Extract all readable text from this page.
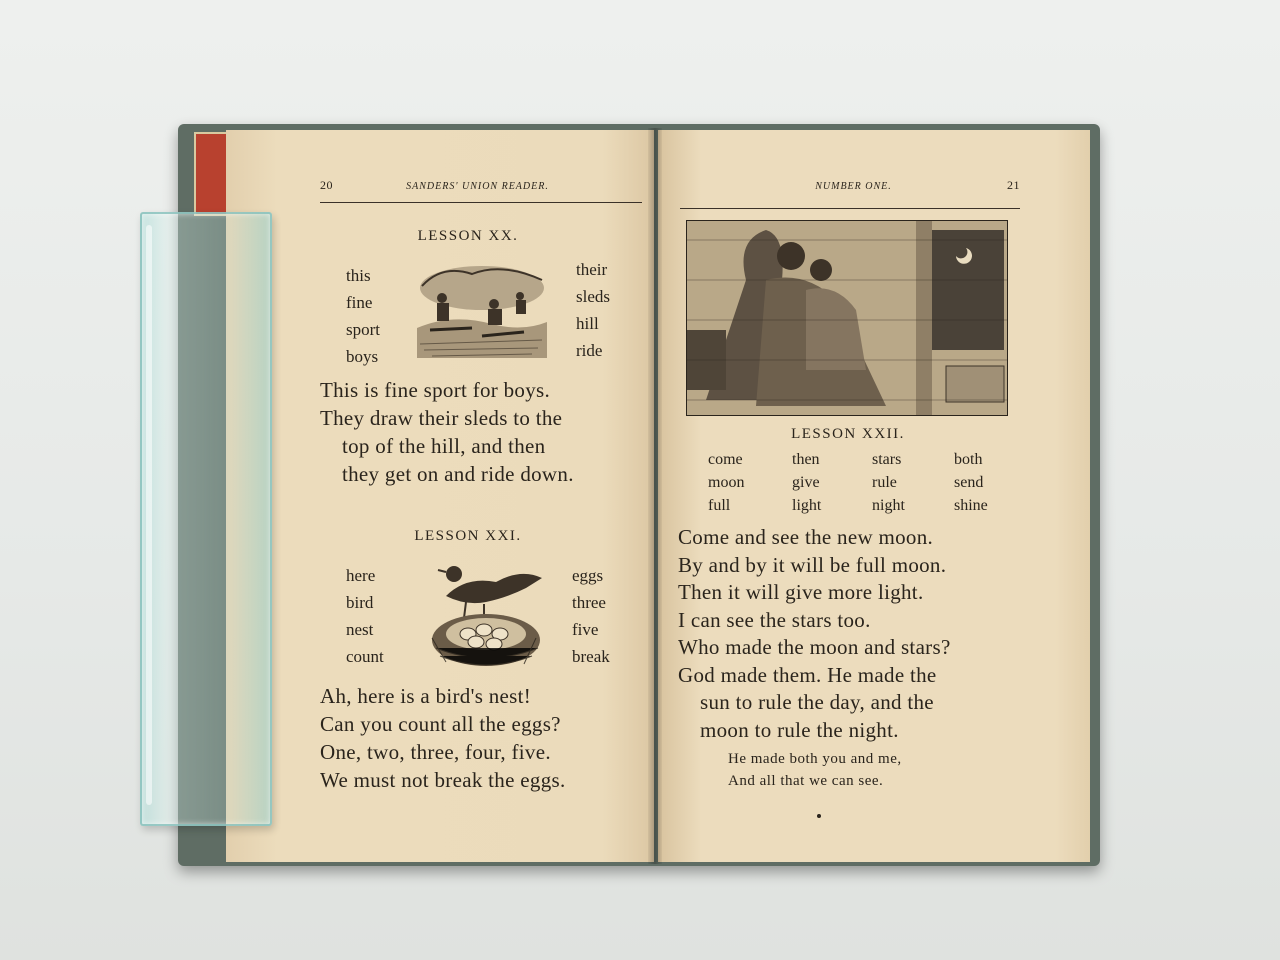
20	SANDERS' UNION READER.
LESSON XX.
this
fine
sport
boys
their
sleds
hill
ride
This is fine sport for boys.
They draw their sleds to the
top of the hill, and then
they get on and ride down.
LESSON XXI.
here
bird
nest
count
eggs
three
five
break
Ah, here is a bird's nest!
Can you count all the eggs?
One, two, three, four, five.
We must not break the eggs.
NUMBER ONE.	21
LESSON XXII.
come
moon
full
then
give
light
stars
rule
night
both
send
shine
Come and see the new moon.
By and by it will be full moon.
Then it will give more light.
I can see the stars too.
Who made the moon and stars?
God made them. He made the
sun to rule the day, and the
moon to rule the night.
He made both you and me,
And all that we can see.
